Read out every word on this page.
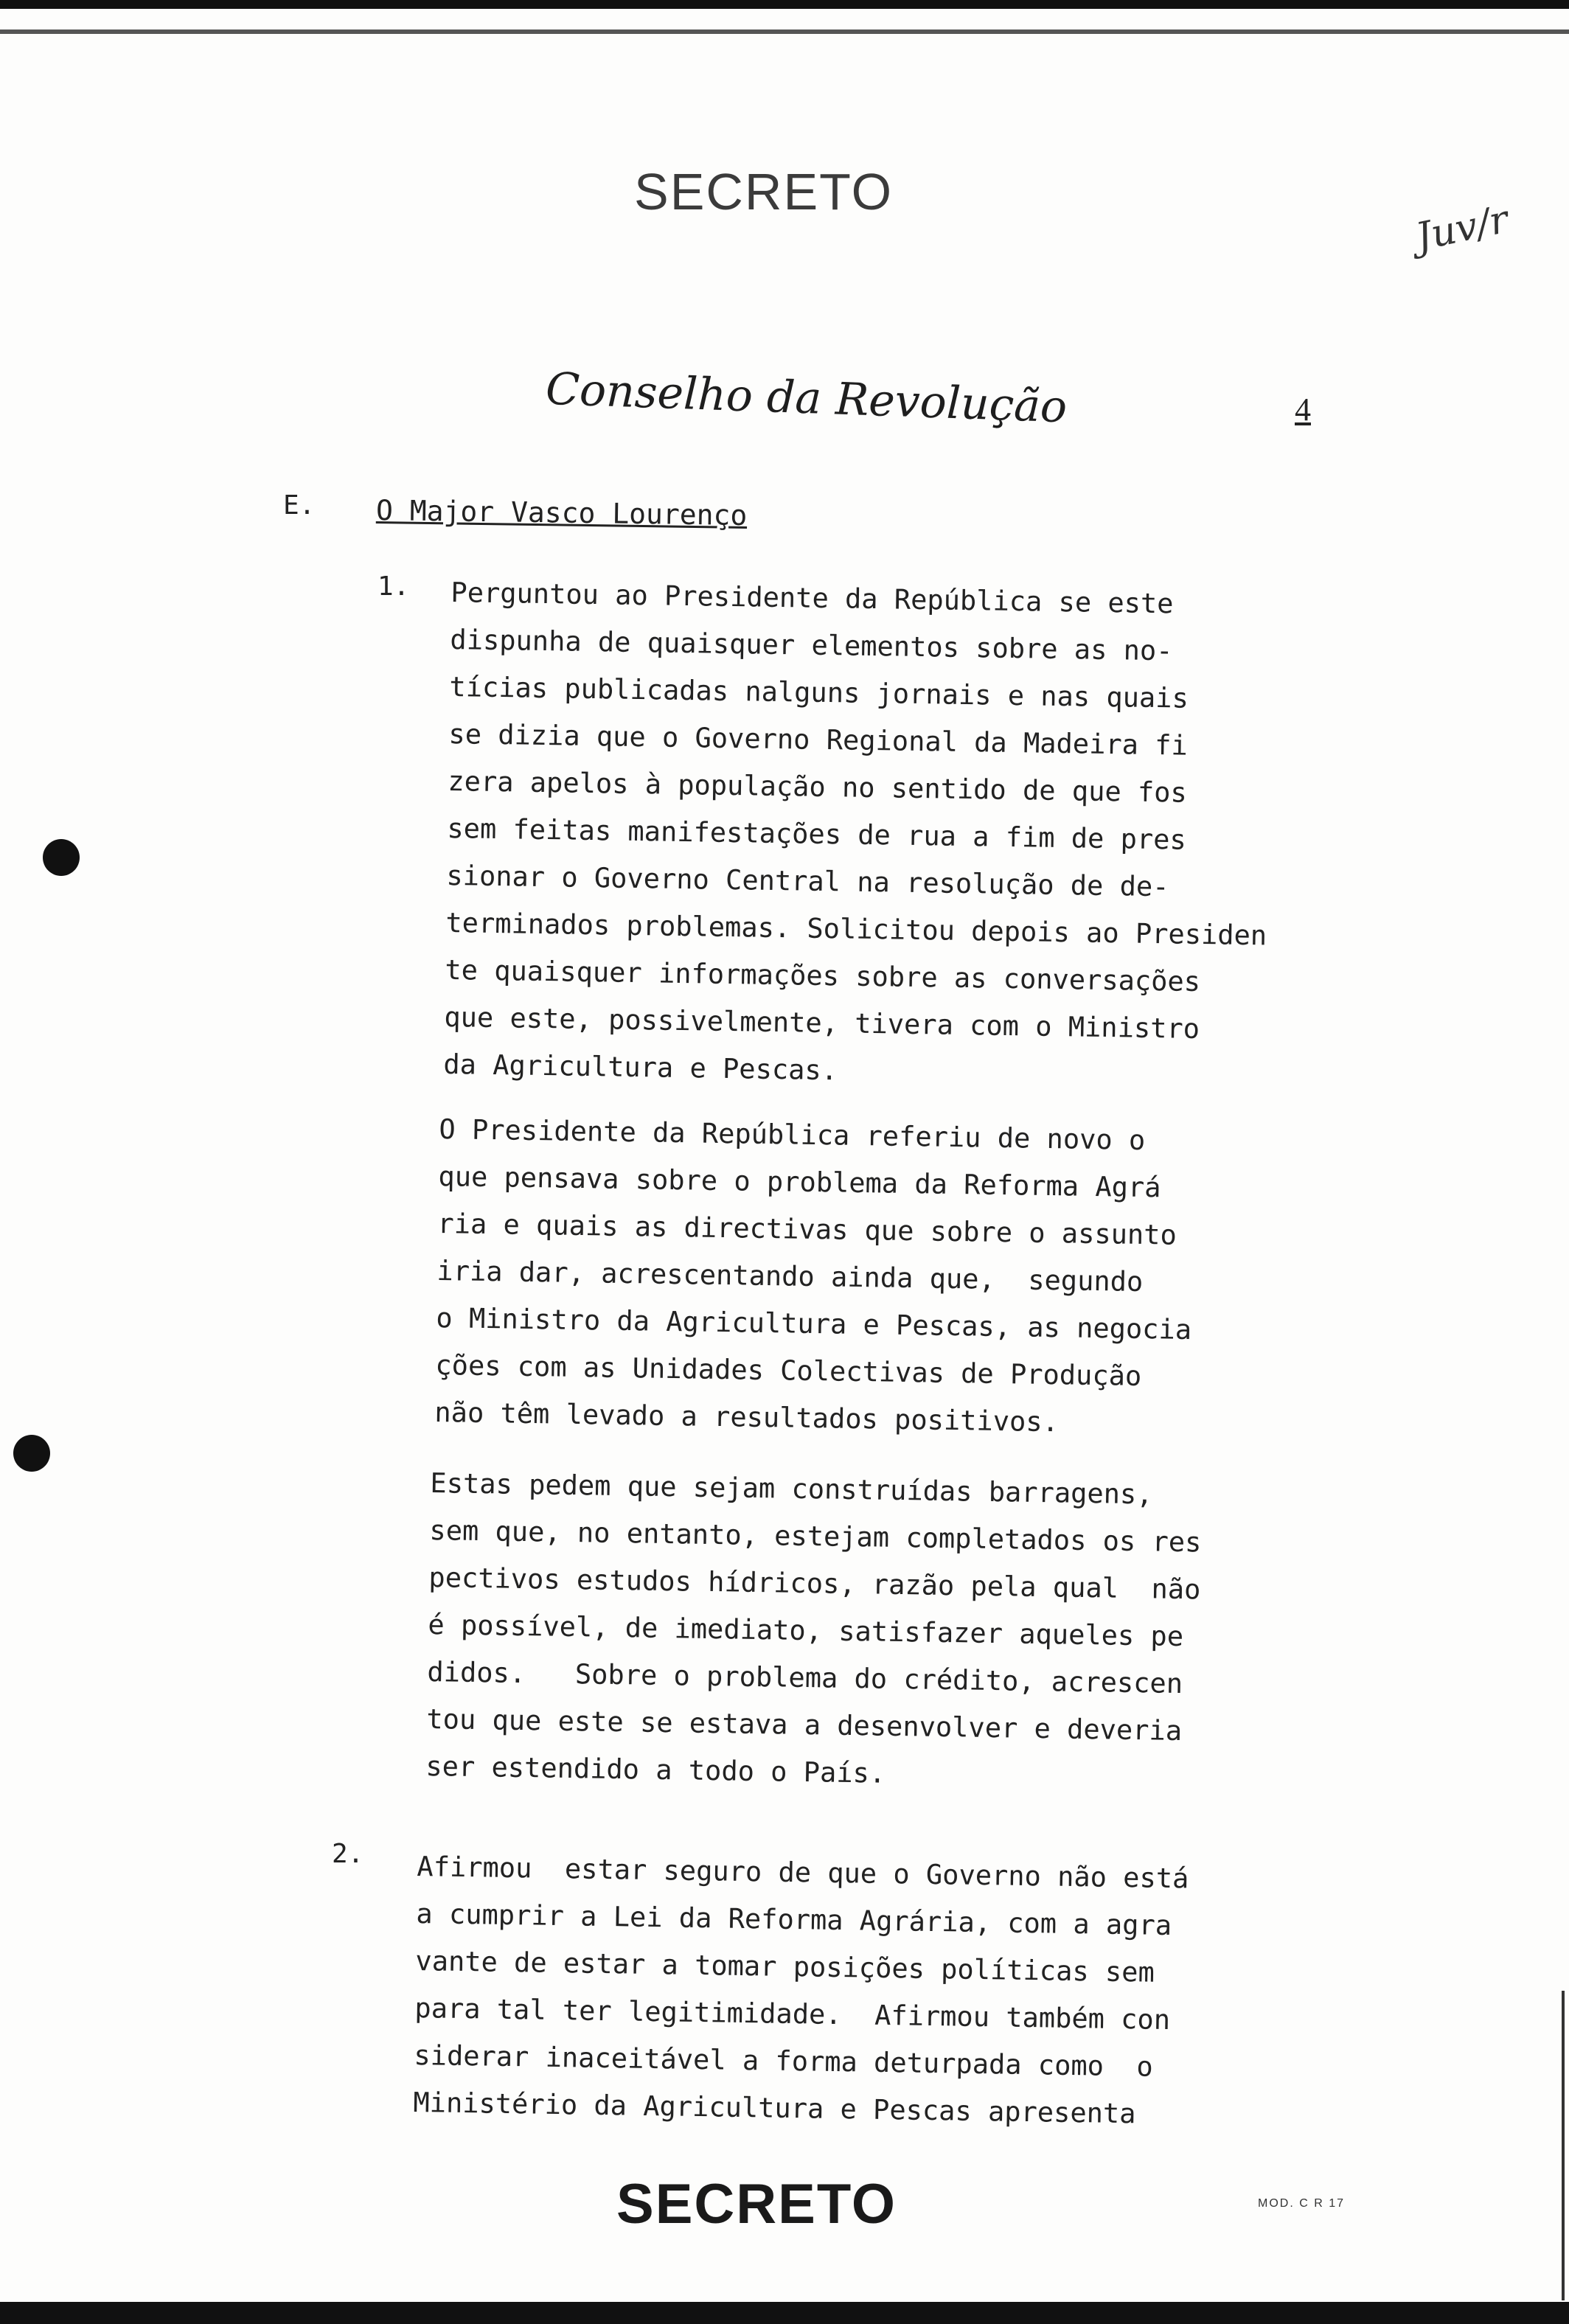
SECRETO
Juv/r
Conselho da Revolução	4
E. O Major Vasco Lourenço
1. Perguntou ao Presidente da República se este
dispunha de quaisquer elementos sobre as no-
tícias publicadas nalguns jornais e nas quais
se dizia que o Governo Regional da Madeira fi
zera apelos à população no sentido de que fos
sem feitas manifestações de rua a fim de pres
sionar o Governo Central na resolução de de-
terminados problemas. Solicitou depois ao Presiden
te quaisquer informações sobre as conversações
que este, possivelmente, tivera com o Ministro
da Agricultura e Pescas.

O Presidente da República referiu de novo o
que pensava sobre o problema da Reforma Agrá
ria e quais as directivas que sobre o assunto
iria dar, acrescentando ainda que,  segundo
o Ministro da Agricultura e Pescas, as negocia
ções com as Unidades Colectivas de Produção
não têm levado a resultados positivos.

Estas pedem que sejam construídas barragens,
sem que, no entanto, estejam completados os res
pectivos estudos hídricos, razão pela qual  não
é possível, de imediato, satisfazer aqueles pe
didos.   Sobre o problema do crédito, acrescen
tou que este se estava a desenvolver e deveria
ser estendido a todo o País.

2. Afirmou  estar seguro de que o Governo não está
a cumprir a Lei da Reforma Agrária, com a agra
vante de estar a tomar posições políticas sem
para tal ter legitimidade.  Afirmou também con
siderar inaceitável a forma deturpada como  o
Ministério da Agricultura e Pescas apresenta

SECRETO	MOD. C R 17
